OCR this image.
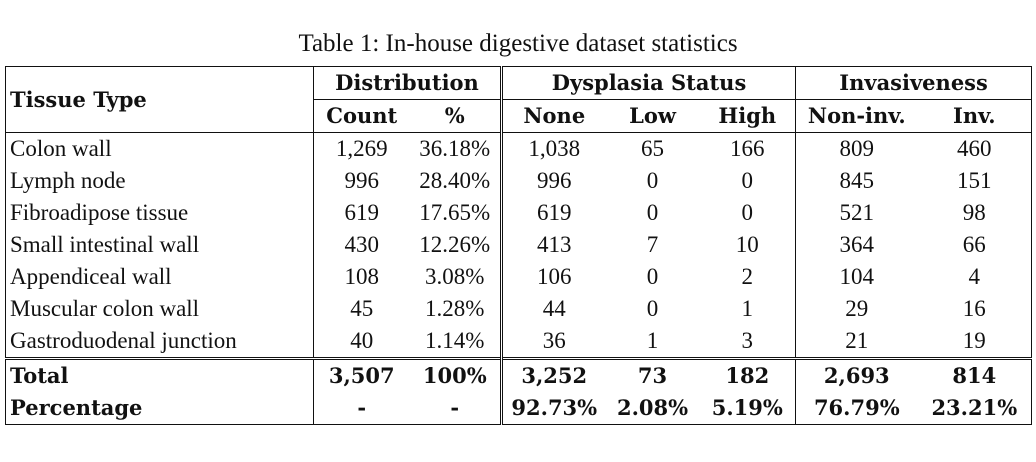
Table 1: In-house digestive dataset statistics
Tissue Type	Distribution		Dysplasia Status			Invasiveness	
	Count	%	None	Low	High	Non-inv.	Inv.
Colon wall	1,269	36.18%	1,038	65	166	809	460
Lymph node	996	28.40%	996	0	0	845	151
Fibroadipose tissue	619	17.65%	619	0	0	521	98
Small intestinal wall	430	12.26%	413	7	10	364	66
Appendiceal wall	108	3.08%	106	0	2	104	4
Muscular colon wall	45	1.28%	44	0	1	29	16
Gastroduodenal junction	40	1.14%	36	1	3	21	19
Total	3,507	100%	3,252	73	182	2,693	814
Percentage	-	-	92.73%	2.08%	5.19%	76.79%	23.21%
